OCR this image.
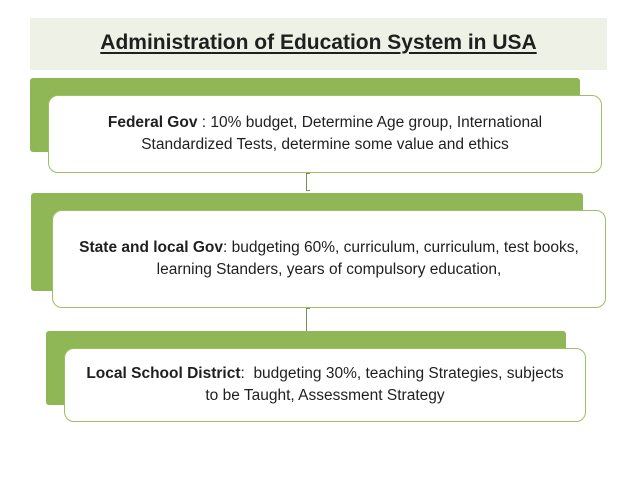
Administration of Education System in USA

Federal Gov : 10% budget, Determine Age group, International Standardized Tests, determine some value and ethics

State and local Gov: budgeting 60%, curriculum, curriculum, test books, learning Standers, years of compulsory education,

Local School District:  budgeting 30%, teaching Strategies, subjects to be Taught, Assessment Strategy
